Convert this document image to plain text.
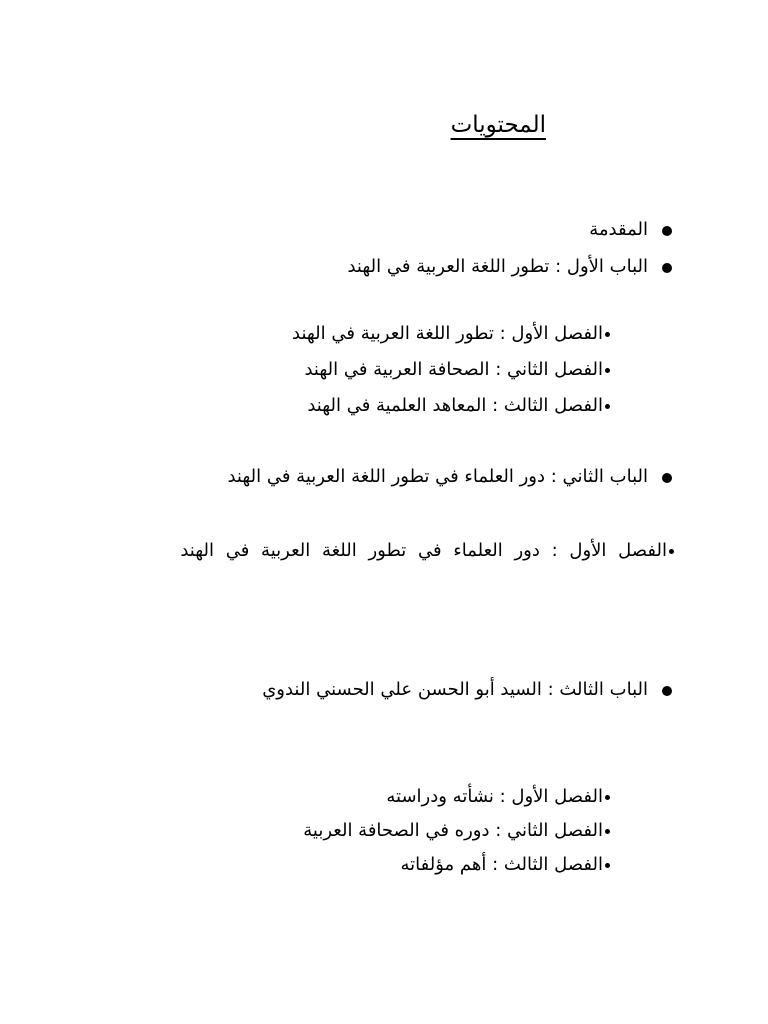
المحتويات
المقدمة
الباب الأول : تطور اللغة العربية في الهند
الفصل الأول : تطور اللغة العربية في الهند
الفصل الثاني : الصحافة العربية في الهند
الفصل الثالث : المعاهد العلمية في الهند
الباب الثاني : دور العلماء في تطور اللغة العربية في الهند
الفصل الأول : دور العلماء في تطور اللغة العربية في الهند
الباب الثالث : السيد أبو الحسن علي الحسني الندوي
الفصل الأول : نشأته ودراسته
الفصل الثاني : دوره في الصحافة العربية
الفصل الثالث : أهم مؤلفاته
